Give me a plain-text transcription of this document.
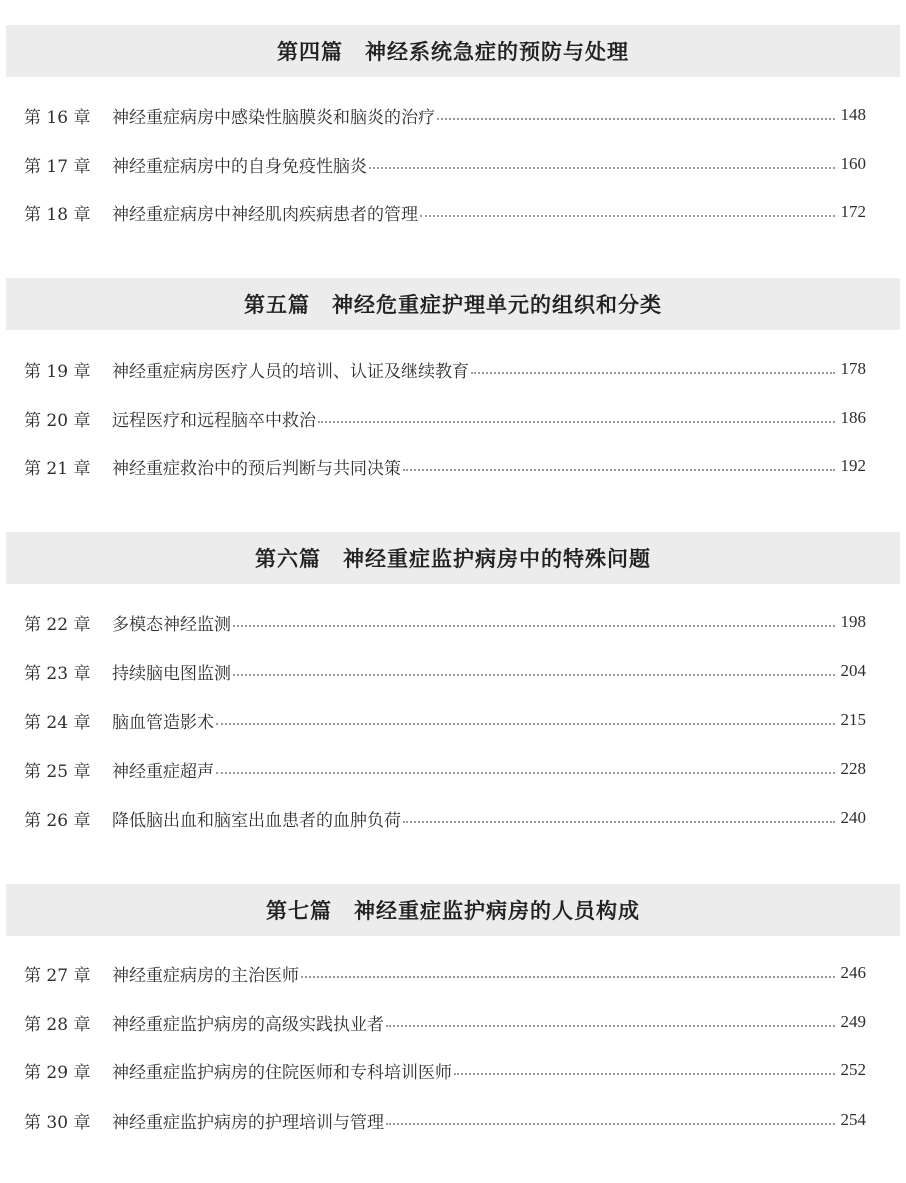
第四篇　神经系统急症的预防与处理
第 16 章	神经重症病房中感染性脑膜炎和脑炎的治疗	148
第 17 章	神经重症病房中的自身免疫性脑炎	160
第 18 章	神经重症病房中神经肌肉疾病患者的管理	172
第五篇　神经危重症护理单元的组织和分类
第 19 章	神经重症病房医疗人员的培训、认证及继续教育	178
第 20 章	远程医疗和远程脑卒中救治	186
第 21 章	神经重症救治中的预后判断与共同决策	192
第六篇　神经重症监护病房中的特殊问题
第 22 章	多模态神经监测	198
第 23 章	持续脑电图监测	204
第 24 章	脑血管造影术	215
第 25 章	神经重症超声	228
第 26 章	降低脑出血和脑室出血患者的血肿负荷	240
第七篇　神经重症监护病房的人员构成
第 27 章	神经重症病房的主治医师	246
第 28 章	神经重症监护病房的高级实践执业者	249
第 29 章	神经重症监护病房的住院医师和专科培训医师	252
第 30 章	神经重症监护病房的护理培训与管理	254
